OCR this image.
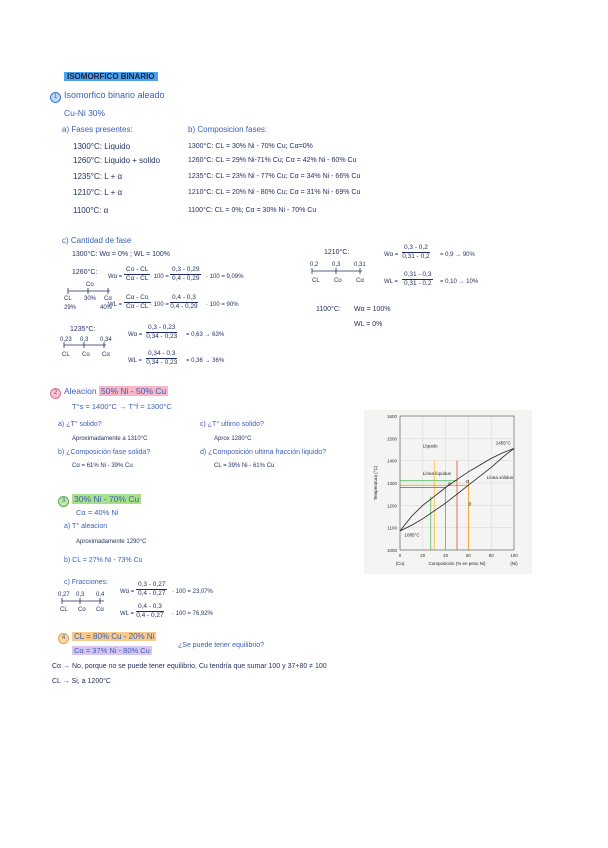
ISOMORFICO BINARIO
1 Isomorfico binario aleado
Cu-Ni 30%
a) Fases presentes:
1300°C: Liquido
1260°C: Liquido + solido
1235°C: L + α
1210°C: L + α
1100°C: α
b) Composicion fases:
1300°C: CL = 30% Ni - 70% Cu; Cα=0%
1260°C: CL = 29% Ni-71% Cu; Cα = 42% Ni - 60% Cu
1235°C: CL = 23% Ni - 77% Cu; Cα = 34% Ni - 66% Cu
1210°C: CL = 20% Ni - 80% Cu; Cα = 31% Ni - 69% Cu
1100°C: CL = 0%; Cα = 30% Ni - 70% Cu
c) Cantidad de fase
1300°C: Wα = 0% ; WL = 100%
1260°C:
$W\alpha = \frac{Co - CL}{C\alpha - CL} \cdot 100 = \frac{0,3 - 0,29}{0,4 - 0,29} \cdot 100 = 9,09\%$
WL = $\frac{C\alpha - Co}{C\alpha - CL} \cdot 100 = \frac{0,4 - 0,3}{0,4 - 0,29} \cdot 100 = 90\%$
Co
CL 30% Cα
29%	40%
1235°C:
0,23 0,3 0,34
CL Co Cα
$W\alpha = \frac{0,3 - 0,23}{0,34 - 0,23} = 0,63 \to 63\%$
WL = $\frac{0,34 - 0,3}{0,34 - 0,23} = 0,36 \to 36\%$
1210°C:
0,2 0,3 0,31
CL Co Cα
$W\alpha = \frac{0,3 - 0,2}{0,31 - 0,2} = 0,9 \to 90\%$
WL = $\frac{0,31 - 0,3}{0,31 - 0,2} = 0,10 \to 10\%$
1100°C: Wα = 100%
WL = 0%
2 Aleacion 50% Ni - 50% Cu
T°s = 1400°C → T°f = 1300°C
a) ¿T° solido?
Aproximadamente a 1310°C
b) ¿Composición fase solida?
Cα = 61% Ni - 39% Cu
c) ¿T° ultimo solido?
Aprox 1280°C
d) ¿Composición ultima fracción liquido?
CL = 39% Ni - 61% Cu
3 30% Ni - 70% Cu
Cα = 40% Ni
a) T° aleacion
Aproximadamente 1290°C
b) CL = 27% Ni - 73% Cu
c) Fracciones:
0,27 0,3 0,4
CL Co Cα
$W\alpha = \frac{0,3 - 0,27}{0,4 - 0,27} \cdot 100 = 23,07\%$
WL = $\frac{0,4 - 0,3}{0,4 - 0,27} \cdot 100 = 76,92\%$
4 CL = 80% Cu - 20% Ni
¿Se puede tener equilibrio?
Cα = 37% Ni - 80% Cu
Cα → No, porque no se puede tener equilibrio, Cu tendría que sumar 100 y 37+80 ≠ 100
CL → Si, a 1200°C
1000
1100
1200
1300
1400
1500
1600
0	20	40	60	80	100
Temperatura (°C)
Composición (% en peso Ni)
(Cu)	(Ni)
Líquido
Línea líquidus
Línea sólidus
1455°C
1085°C
α	α
α
